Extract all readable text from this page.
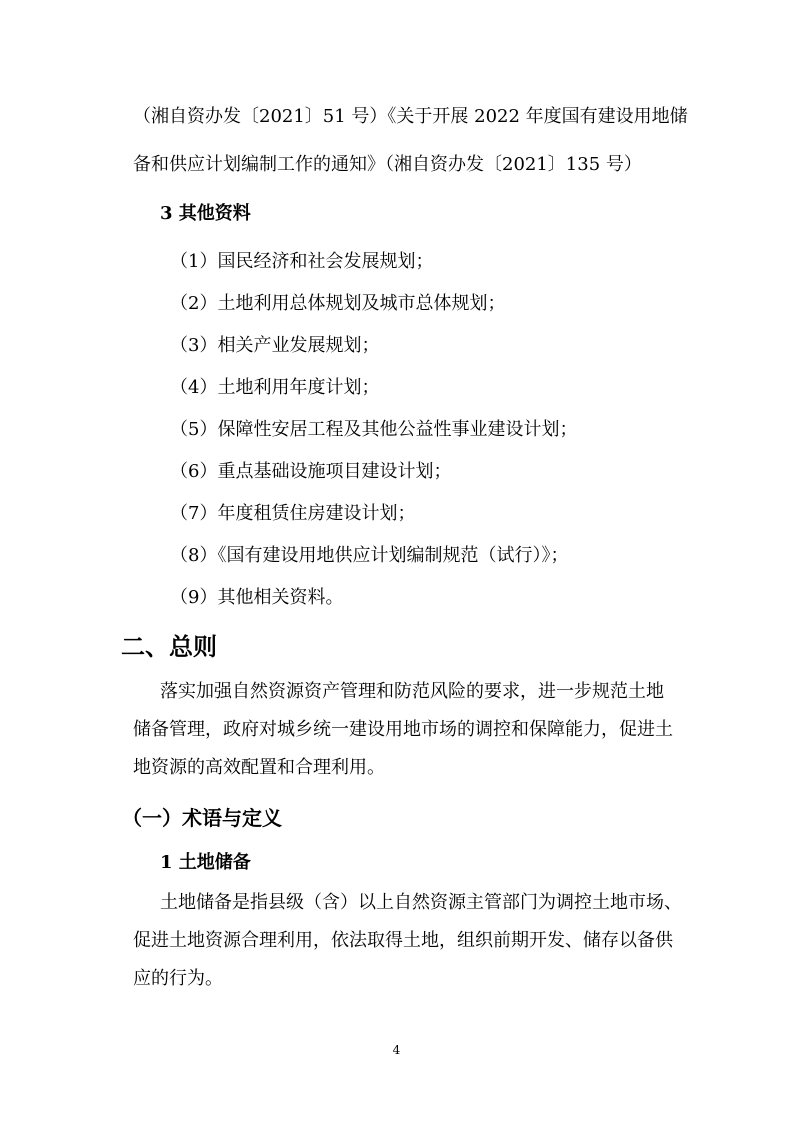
（湘自资办发〔2021〕51 号）《关于开展 2022 年度国有建设用地储
备和供应计划编制工作的通知》（湘自资办发〔2021〕135 号）
3 其他资料
（1）国民经济和社会发展规划；
（2）土地利用总体规划及城市总体规划；
（3）相关产业发展规划；
（4）土地利用年度计划；
（5）保障性安居工程及其他公益性事业建设计划；
（6）重点基础设施项目建设计划；
（7）年度租赁住房建设计划；
（8）《国有建设用地供应计划编制规范（试行）》；
（9）其他相关资料。
二、总则
落实加强自然资源资产管理和防范风险的要求，进一步规范土地
储备管理，政府对城乡统一建设用地市场的调控和保障能力，促进土
地资源的高效配置和合理利用。
（一）术语与定义
1 土地储备
土地储备是指县级（含）以上自然资源主管部门为调控土地市场、
促进土地资源合理利用，依法取得土地，组织前期开发、储存以备供
应的行为。
4
